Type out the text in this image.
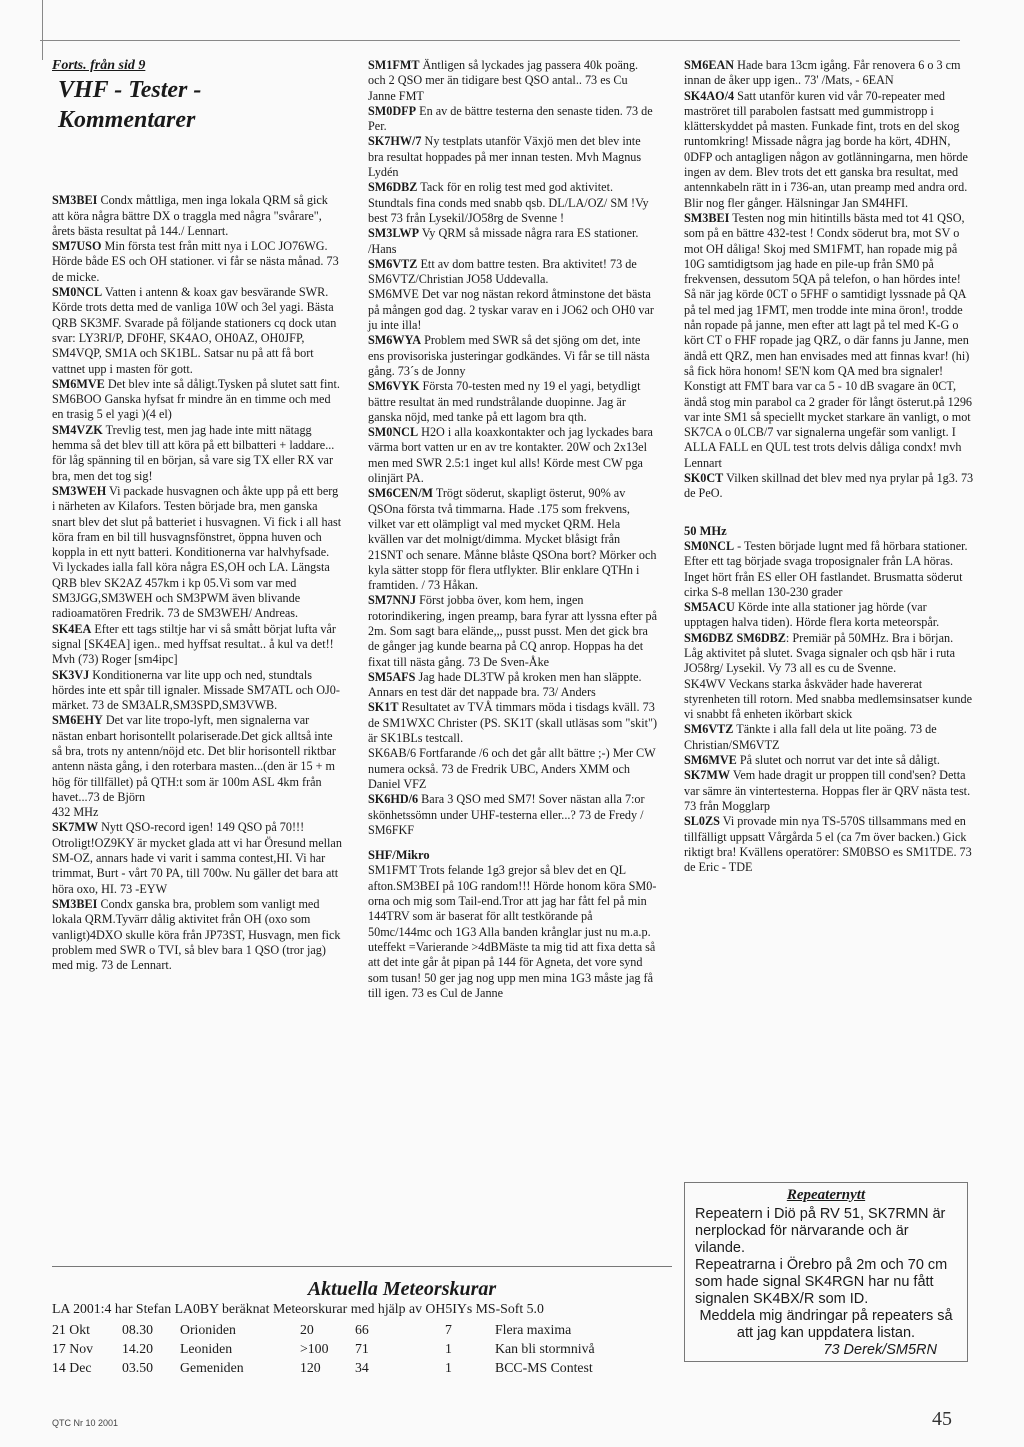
Forts. från sid 9

VHF - Tester - Kommentarer

SM3BEI Condx måttliga, men inga lokala QRM så gick att köra några bättre DX o traggla med några "svårare", årets bästa resultat på 144./ Lennart.

SM7USO Min första test från mitt nya i LOC JO76WG. Hörde både ES och OH stationer. vi får se nästa månad. 73 de micke.

SM0NCL Vatten i antenn & koax gav besvärande SWR. Körde trots detta med de vanliga 10W och 3el yagi. Bästa QRB SK3MF. Svarade på följande stationers cq dock utan svar: LY3RI/P, DF0HF, SK4AO, OH0AZ, OH0JFP, SM4VQP, SM1A och SK1BL. Satsar nu på att få bort vattnet upp i masten för gott.

SM6MVE Det blev inte så dåligt.Tysken på slutet satt fint.

SM6BOO Ganska hyfsat fr mindre än en timme och med en trasig 5 el yagi )(4 el)

SM4VZK Trevlig test, men jag hade inte mitt nätagg hemma så det blev till att köra på ett bilbatteri + laddare... för låg spänning til en början, så vare sig TX eller RX var bra, men det tog sig!

SM3WEH Vi packade husvagnen och åkte upp på ett berg i närheten av Kilafors. Testen började bra, men ganska snart blev det slut på batteriet i husvagnen. Vi fick i all hast köra fram en bil till husvagnsfönstret, öppna huven och koppla in ett nytt batteri. Konditionerna var halvhyfsade. Vi lyckades ialla fall köra några ES,OH och LA. Längsta QRB blev SK2AZ 457km i kp 05.Vi som var med SM3JGG,SM3WEH och SM3PWM även blivande radioamatören Fredrik. 73 de SM3WEH/ Andreas.

SK4EA Efter ett tags stiltje har vi så smått börjat lufta vår signal [SK4EA] igen.. med hyffsat resultat.. å kul va det!! Mvh (73) Roger [sm4ipc]

SK3VJ Konditionerna var lite upp och ned, stundtals hördes inte ett spår till ignaler. Missade SM7ATL och OJ0-märket. 73 de SM3ALR,SM3SPD,SM3VWB.

SM6EHY Det var lite tropo-lyft, men signalerna var nästan enbart horisontellt polariserade.Det gick alltså inte så bra, trots ny antenn/nöjd etc. Det blir horisontell riktbar antenn nästa gång, i den roterbara masten...(den är 15 + m hög för tillfället) på QTH:t som är 100m ASL 4km från havet...73 de Björn

432 MHz

SK7MW Nytt QSO-record igen! 149 QSO på 70!!! Otroligt!OZ9KY är mycket glada att vi har Öresund mellan SM-OZ, annars hade vi varit i samma contest,HI. Vi har trimmat, Burt - vårt 70 PA, till 700w. Nu gäller det bara att höra oxo, HI. 73 -EYW

SM3BEI Condx ganska bra, problem som vanligt med lokala QRM.Tyvärr dålig aktivitet från OH (oxo som vanligt)4DXO skulle köra från JP73ST, Husvagn, men fick problem med SWR o TVI, så blev bara 1 QSO (tror jag) med mig. 73 de Lennart.

SM1FMT Äntligen så lyckades jag passera 40k poäng. och 2 QSO mer än tidigare best QSO antal.. 73 es Cu Janne FMT

SM0DFP En av de bättre testerna den senaste tiden. 73 de Per.

SK7HW/7 Ny testplats utanför Växjö men det blev inte bra resultat hoppades på mer innan testen. Mvh Magnus Lydén

SM6DBZ Tack för en rolig test med god aktivitet. Stundtals fina conds med snabb qsb. DL/LA/OZ/ SM !Vy best 73 från Lysekil/JO58rg de Svenne !

SM3LWP Vy QRM så missade några rara ES stationer. /Hans

SM6VTZ Ett av dom battre testen. Bra aktivitet! 73 de SM6VTZ/Christian JO58 Uddevalla.

SM6MVE Det var nog nästan rekord åtminstone det bästa på mången god dag. 2 tyskar varav en i JO62 och OH0 var ju inte illa!

SM6WYA Problem med SWR så det sjöng om det, inte ens provisoriska justeringar godkändes. Vi får se till nästa gång. 73´s de Jonny

SM6VYK Första 70-testen med ny 19 el yagi, betydligt bättre resultat än med rundstrålande duopinne. Jag är ganska nöjd, med tanke på ett lagom bra qth.

SM0NCL H2O i alla koaxkontakter och jag lyckades bara värma bort vatten ur en av tre kontakter. 20W och 2x13el men med SWR 2.5:1 inget kul alls! Körde mest CW pga olinjärt PA.

SM6CEN/M Trögt söderut, skapligt österut, 90% av QSOna första två timmarna. Hade .175 som frekvens, vilket var ett olämpligt val med mycket QRM. Hela kvällen var det molnigt/dimma. Mycket blåsigt från 21SNT och senare. Månne blåste QSOna bort? Mörker och kyla sätter stopp för flera utflykter. Blir enklare QTHn i framtiden. / 73 Håkan.

SM7NNJ Först jobba över, kom hem, ingen rotorindikering, ingen preamp, bara fyrar att lyssna efter på 2m. Som sagt bara elände,,, pusst pusst. Men det gick bra de gånger jag kunde bearna på CQ anrop. Hoppas ha det fixat till nästa gång. 73 De Sven-Åke

SM5AFS Jag hade DL3TW på kroken men han släppte. Annars en test där det nappade bra. 73/ Anders

SK1T Resultatet av TVÅ timmars möda i tisdags kväll. 73 de SM1WXC Christer (PS. SK1T (skall utläsas som "skit") är SK1BLs testcall.

SK6AB/6 Fortfarande /6 och det går allt bättre ;-) Mer CW numera också. 73 de Fredrik UBC, Anders XMM och Daniel VFZ

SK6HD/6 Bara 3 QSO med SM7! Sover nästan alla 7:or skönhetssömn under UHF-testerna eller...? 73 de Fredy / SM6FKF

SHF/Mikro

SM1FMT Trots felande 1g3 grejor så blev det en QL afton.SM3BEI på 10G random!!! Hörde honom köra SM0-orna och mig som Tail-end.Tror att jag har fått fel på min 144TRV som är baserat för allt testkörande på 50mc/144mc och 1G3 Alla banden krånglar just nu m.a.p. uteffekt =Varierande >4dBMäste ta mig tid att fixa detta så att det inte går åt pipan på 144 för Agneta, det vore synd som tusan! 50 ger jag nog upp men mina 1G3 måste jag få till igen. 73 es Cul de Janne

SM6EAN Hade bara 13cm igång. Får renovera 6 o 3 cm innan de åker upp igen.. 73' /Mats, - 6EAN

SK4AO/4 Satt utanför kuren vid vår 70-repeater med maströret till parabolen fastsatt med gummistropp i klätterskyddet på masten. Funkade fint, trots en del skog runtomkring! Missade några jag borde ha kört, 4DHN, 0DFP och antagligen någon av gotlänningarna, men hörde ingen av dem. Blev trots det ett ganska bra resultat, med antennkabeln rätt in i 736-an, utan preamp med andra ord. Blir nog fler gånger. Hälsningar Jan SM4HFI.

SM3BEI Testen nog min hitintills bästa med tot 41 QSO, som på en bättre 432-test ! Condx söderut bra, mot SV o mot OH dåliga! Skoj med SM1FMT, han ropade mig på 10G samtidigtsom jag hade en pile-up från SM0 på frekvensen, dessutom 5QA på telefon, o han hördes inte! Så när jag körde 0CT o 5FHF o samtidigt lyssnade på QA på tel med jag 1FMT, men trodde inte mina öron!, trodde nån ropade på janne, men efter att lagt på tel med K-G o kört CT o FHF ropade jag QRZ, o där fanns ju Janne, men ändå ett QRZ, men han envisades med att finnas kvar! (hi) så fick höra honom! SE'N kom QA med bra signaler! Konstigt att FMT bara var ca 5 - 10 dB svagare än 0CT, ändå stog min parabol ca 2 grader för långt österut.på 1296 var inte SM1 så speciellt mycket starkare än vanligt, o mot SK7CA o 0LCB/7 var signalerna ungefär som vanligt. I ALLA FALL en QUL test trots delvis dåliga condx! mvh Lennart

SK0CT Vilken skillnad det blev med nya prylar på 1g3. 73 de PeO.

50 MHz

SM0NCL - Testen började lugnt med få hörbara stationer. Efter ett tag började svaga troposignaler från LA höras. Inget hört från ES eller OH fastlandet. Brusmatta söderut cirka S-8 mellan 130-230 grader

SM5ACU Körde inte alla stationer jag hörde (var upptagen halva tiden). Hörde flera korta meteorspår.

SM6DBZ SM6DBZ: Premiär på 50MHz. Bra i början. Låg aktivitet på slutet. Svaga signaler och qsb här i ruta JO58rg/ Lysekil. Vy 73 all es cu de Svenne.

SK4WV Veckans starka åskväder hade havererat styrenheten till rotorn. Med snabba medlemsinsatser kunde vi snabbt få enheten ikörbart skick

SM6VTZ Tänkte i alla fall dela ut lite poäng. 73 de Christian/SM6VTZ

SM6MVE På slutet och norrut var det inte så dåligt.

SK7MW Vem hade dragit ur proppen till cond'sen? Detta var sämre än vintertesterna. Hoppas fler är QRV nästa test. 73 från Mogglarp

SL0ZS Vi provade min nya TS-570S tillsammans med en tillfälligt uppsatt Vårgårda 5 el (ca 7m över backen.) Gick riktigt bra! Kvällens operatörer: SM0BSO es SM1TDE. 73 de Eric - TDE

Repeaternytt

Repeatern i Diö på RV 51, SK7RMN är nerplockad för närvarande och är vilande.

Repeatrarna i Örebro på 2m och 70 cm som hade signal SK4RGN har nu fått signalen SK4BX/R som ID.

Meddela mig ändringar på repeaters så att jag kan uppdatera listan.

73 Derek/SM5RN

Aktuella Meteorskurar
LA 2001:4 har Stefan LA0BY beräknat Meteorskurar med hjälp av OH5IYs MS-Soft 5.0
21 Okt	08.30	Orioniden	20	66	7	Flera maxima
17 Nov	14.20	Leoniden	>100	71	1	Kan bli stormnivå
14 Dec	03.50	Gemeniden	120	34	1	BCC-MS Contest
QTC Nr 10 2001	45
